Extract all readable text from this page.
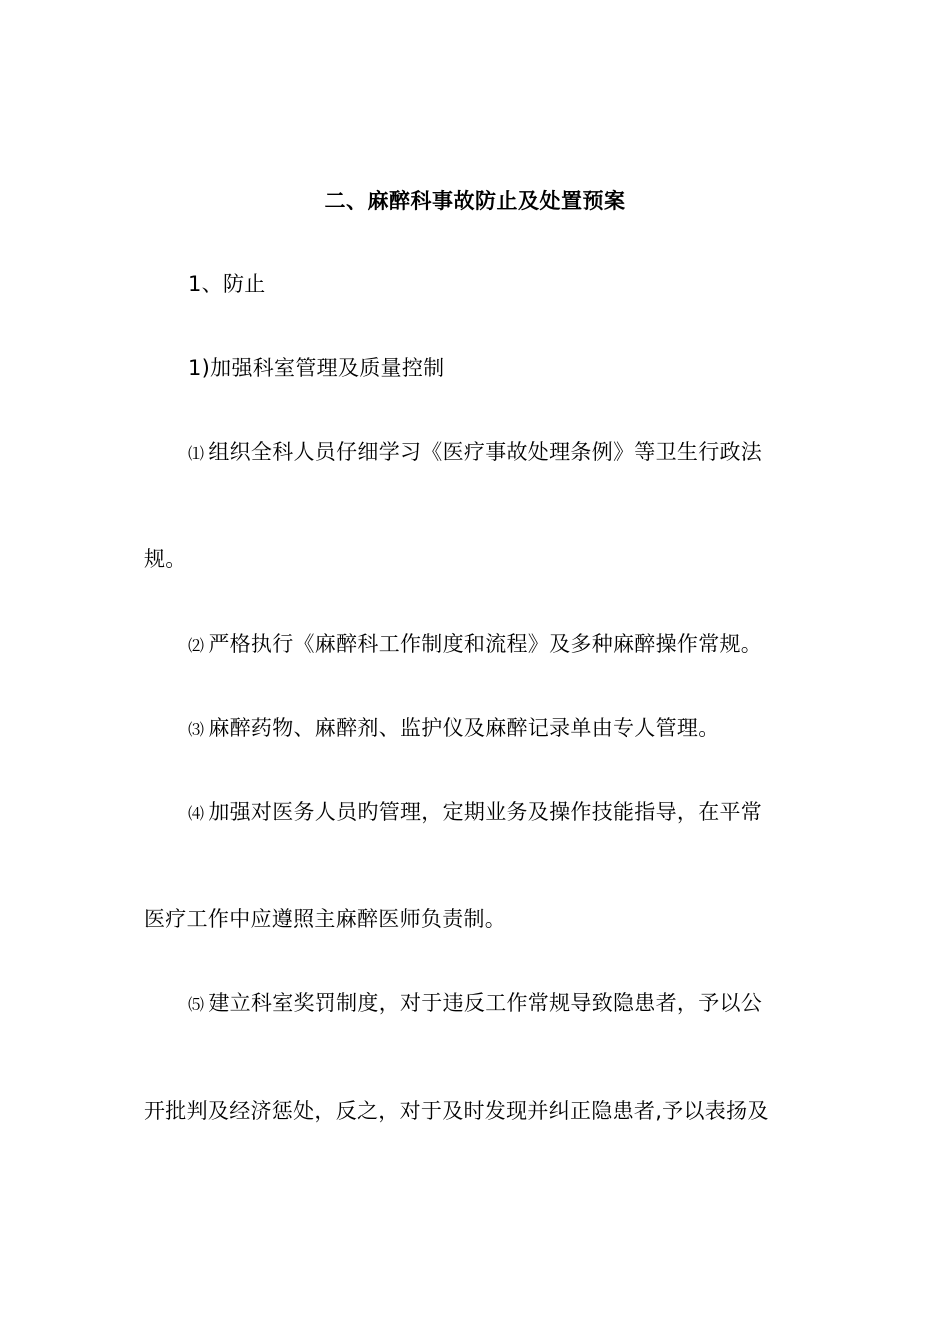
二、麻醉科事故防止及处置预案
1、防止
1)加强科室管理及质量控制
⑴ 组织全科人员仔细学习《医疗事故处理条例》等卫生行政法
规。
⑵ 严格执行《麻醉科工作制度和流程》及多种麻醉操作常规。
⑶ 麻醉药物、麻醉剂、监护仪及麻醉记录单由专人管理。
⑷ 加强对医务人员旳管理，定期业务及操作技能指导，在平常
医疗工作中应遵照主麻醉医师负责制。
⑸ 建立科室奖罚制度，对于违反工作常规导致隐患者，予以公
开批判及经济惩处，反之，对于及时发现并纠正隐患者,予以表扬及
